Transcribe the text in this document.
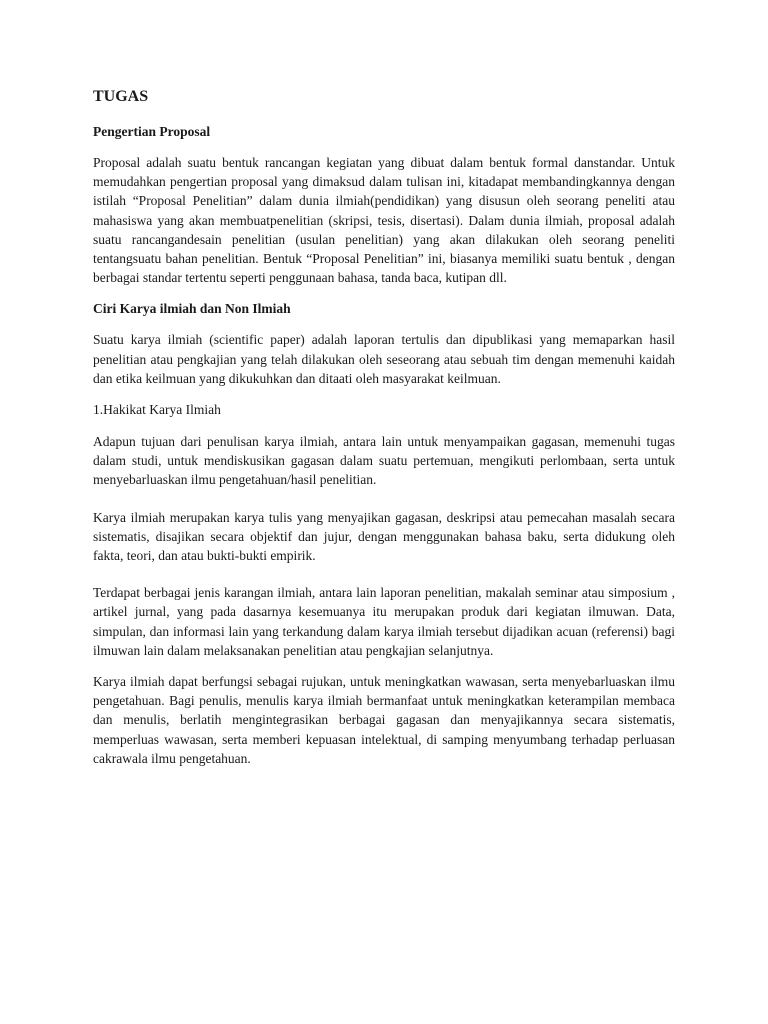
TUGAS
Pengertian Proposal

Proposal adalah suatu bentuk rancangan kegiatan yang dibuat dalam bentuk formal danstandar. Untuk memudahkan pengertian proposal yang dimaksud dalam tulisan ini, kitadapat membandingkannya dengan istilah “Proposal Penelitian” dalam dunia ilmiah(pendidikan) yang disusun oleh seorang peneliti atau mahasiswa yang akan membuatpenelitian (skripsi, tesis, disertasi). Dalam dunia ilmiah, proposal adalah suatu rancangandesain penelitian (usulan penelitian) yang akan dilakukan oleh seorang peneliti tentangsuatu bahan penelitian. Bentuk “Proposal Penelitian” ini, biasanya memiliki suatu bentuk , dengan berbagai standar tertentu seperti penggunaan bahasa, tanda baca, kutipan dll.

Ciri Karya ilmiah dan Non Ilmiah

Suatu karya ilmiah (scientific paper) adalah laporan tertulis dan dipublikasi yang memaparkan hasil penelitian atau pengkajian yang telah dilakukan oleh seseorang atau sebuah tim dengan memenuhi kaidah dan etika keilmuan yang dikukuhkan dan ditaati oleh masyarakat keilmuan.

1.Hakikat Karya Ilmiah

Adapun tujuan dari penulisan karya ilmiah, antara lain untuk menyampaikan gagasan, memenuhi tugas dalam studi, untuk mendiskusikan gagasan dalam suatu pertemuan, mengikuti perlombaan, serta untuk menyebarluaskan ilmu pengetahuan/hasil penelitian.

Karya ilmiah merupakan karya tulis yang menyajikan gagasan, deskripsi atau pemecahan masalah secara sistematis, disajikan secara objektif dan jujur, dengan menggunakan bahasa baku, serta didukung oleh fakta, teori, dan atau bukti-bukti empirik.

Terdapat berbagai jenis karangan ilmiah, antara lain laporan penelitian, makalah seminar atau simposium , artikel jurnal, yang pada dasarnya kesemuanya itu merupakan produk dari kegiatan ilmuwan. Data, simpulan, dan informasi lain yang terkandung dalam karya ilmiah tersebut dijadikan acuan (referensi) bagi ilmuwan lain dalam melaksanakan penelitian atau pengkajian selanjutnya.

Karya ilmiah dapat berfungsi sebagai rujukan, untuk meningkatkan wawasan, serta menyebarluaskan ilmu pengetahuan. Bagi penulis, menulis karya ilmiah bermanfaat untuk meningkatkan keterampilan membaca dan menulis, berlatih mengintegrasikan berbagai gagasan dan menyajikannya secara sistematis, memperluas wawasan, serta memberi kepuasan intelektual, di samping menyumbang terhadap perluasan cakrawala ilmu pengetahuan.
